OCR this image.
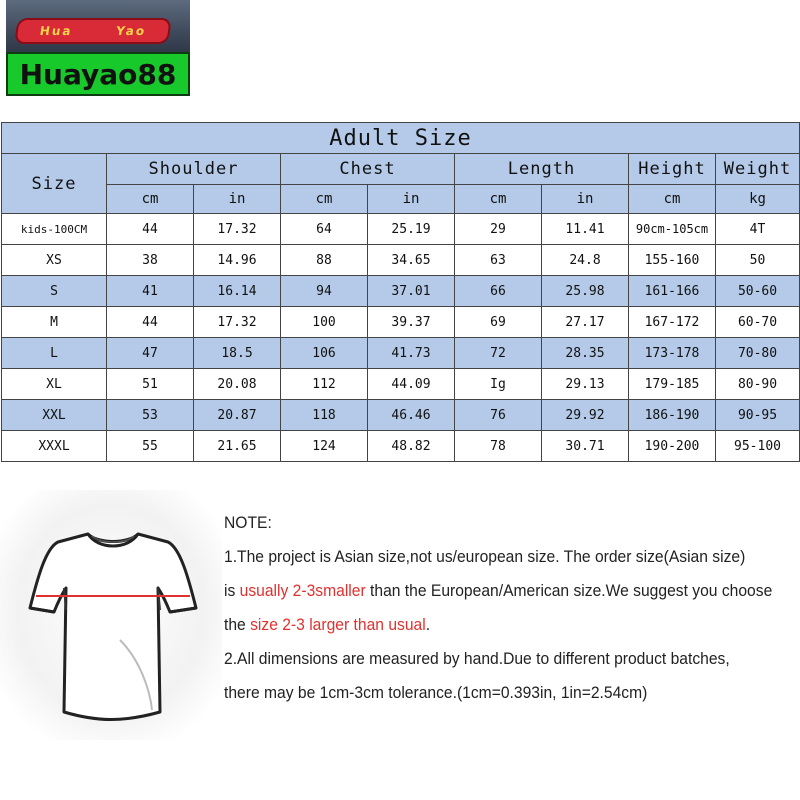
Hua	Yao
Huayao88
Adult Size								
Size	Shoulder		Chest		Length		Height	Weight
	cm	in	cm	in	cm	in	cm	kg
kids-100CM	44	17.32	64	25.19	29	11.41	90cm-105cm	4T
XS	38	14.96	88	34.65	63	24.8	155-160	50
S	41	16.14	94	37.01	66	25.98	161-166	50-60
M	44	17.32	100	39.37	69	27.17	167-172	60-70
L	47	18.5	106	41.73	72	28.35	173-178	70-80
XL	51	20.08	112	44.09	Ig	29.13	179-185	80-90
XXL	53	20.87	118	46.46	76	29.92	186-190	90-95
XXXL	55	21.65	124	48.82	78	30.71	190-200	95-100
NOTE:
1.The project is Asian size,not us/european size. The order size(Asian size)
is usually 2-3smaller than the European/American size.We suggest you choose
the size 2-3 larger than usual.
2.All dimensions are measured by hand.Due to different product batches,
there may be 1cm-3cm tolerance.(1cm=0.393in, 1in=2.54cm)
